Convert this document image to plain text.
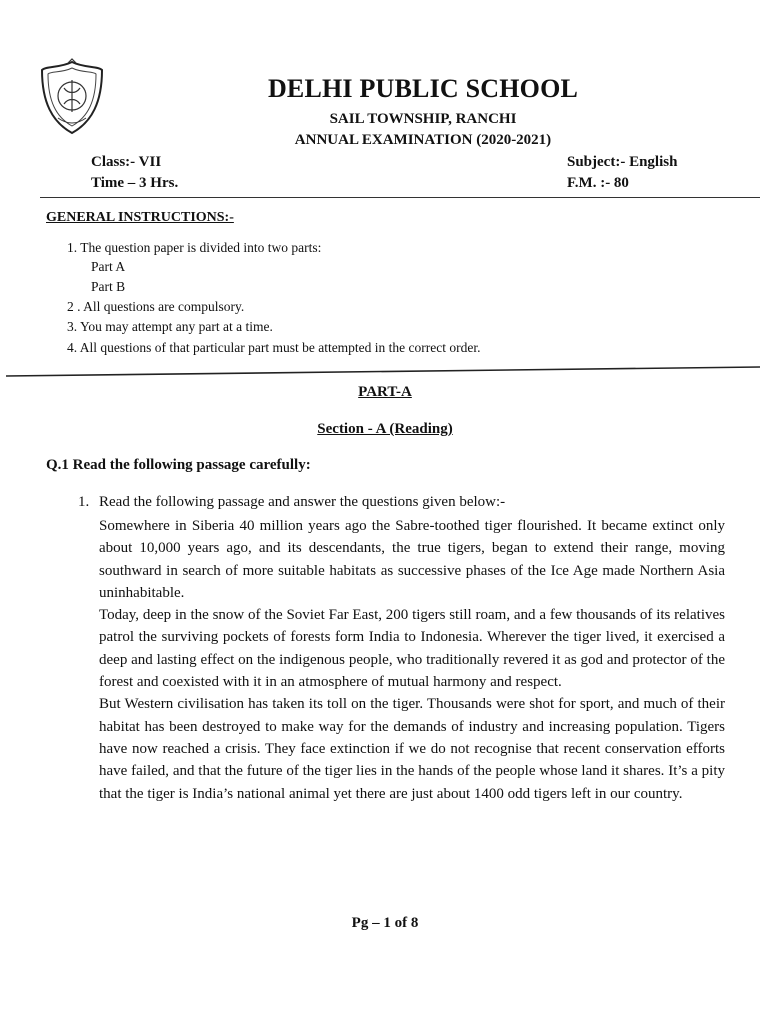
DELHI PUBLIC SCHOOL
SAIL TOWNSHIP, RANCHI
ANNUAL EXAMINATION (2020-2021)
Class:- VII
Time – 3 Hrs.
Subject:- English
F.M. :- 80
GENERAL INSTRUCTIONS:-
1. The question paper is divided into two parts:
Part A
Part B
2 . All questions are compulsory.
3. You may attempt any part at a time.
4. All questions of that particular part must be attempted in the correct order.
PART-A
Section - A (Reading)
Q.1 Read the following passage carefully:
1. Read the following passage and answer the questions given below:-

Somewhere in Siberia 40 million years ago the Sabre-toothed tiger flourished. It became extinct only about 10,000 years ago, and its descendants, the true tigers, began to extend their range, moving southward in search of more suitable habitats as successive phases of the Ice Age made Northern Asia uninhabitable.

Today, deep in the snow of the Soviet Far East, 200 tigers still roam, and a few thousands of its relatives patrol the surviving pockets of forests form India to Indonesia. Wherever the tiger lived, it exercised a deep and lasting effect on the indigenous people, who traditionally revered it as god and protector of the forest and coexisted with it in an atmosphere of mutual harmony and respect.

But Western civilisation has taken its toll on the tiger. Thousands were shot for sport, and much of their habitat has been destroyed to make way for the demands of industry and increasing population. Tigers have now reached a crisis. They face extinction if we do not recognise that recent conservation efforts have failed, and that the future of the tiger lies in the hands of the people whose land it shares. It’s a pity that the tiger is India’s national animal yet there are just about 1400 odd tigers left in our country.

Pg – 1 of 8
